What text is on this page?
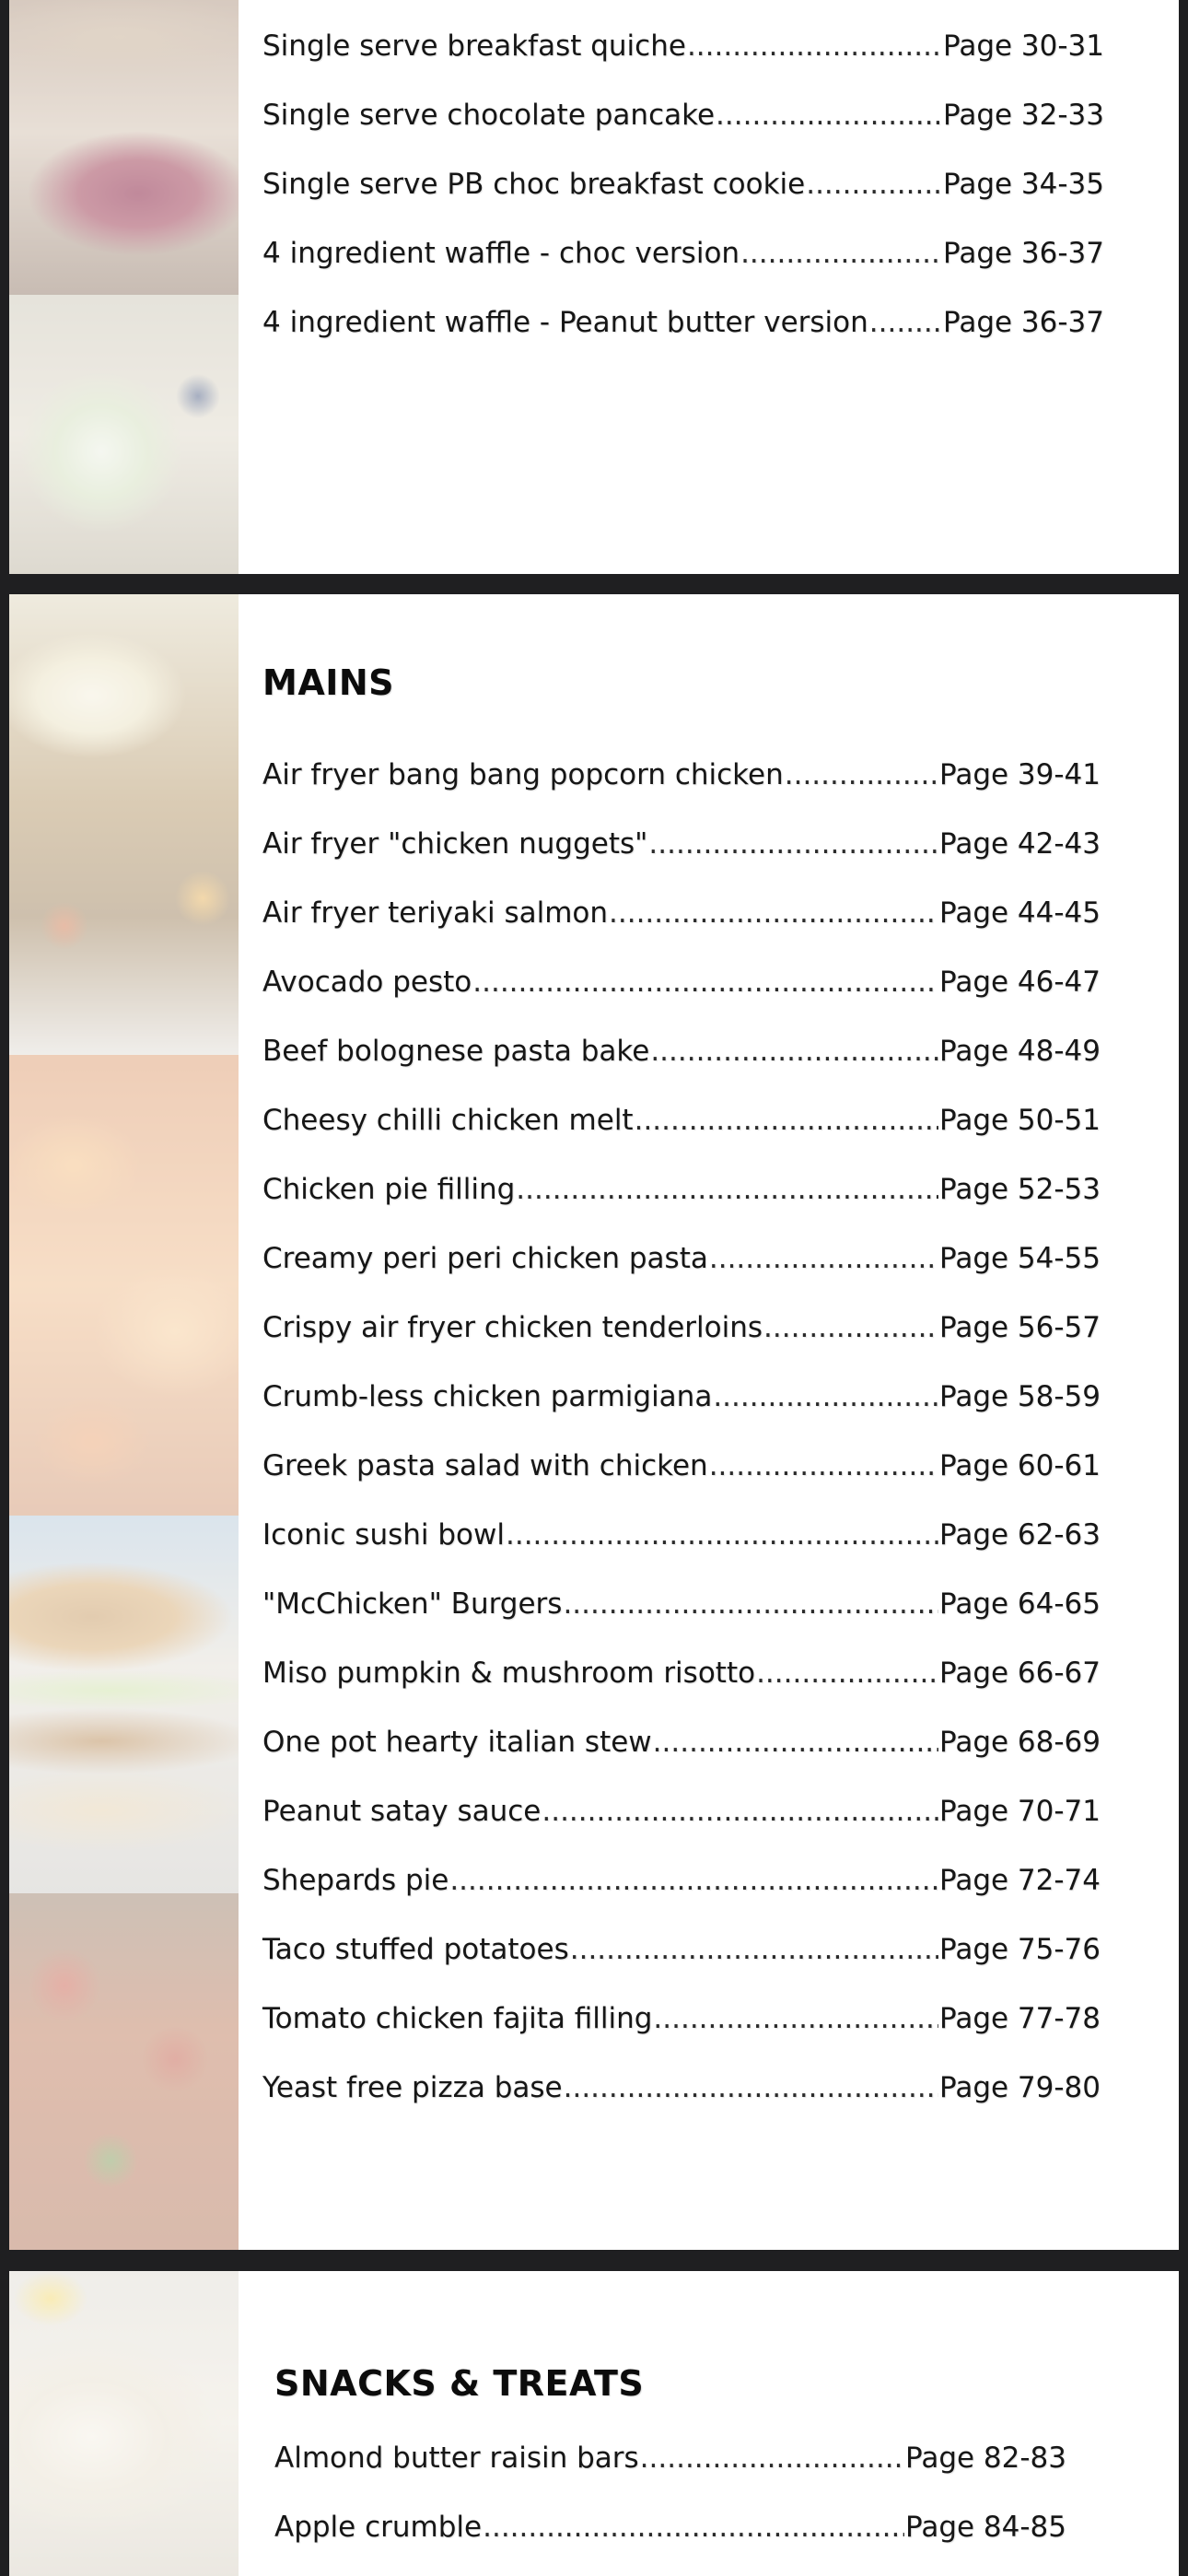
Single serve breakfast quiche .....	Page 30-31
Single serve chocolate pancake .....	Page 32-33
Single serve PB choc breakfast cookie .....	Page 34-35
4 ingredient waffle - choc version .....	Page 36-37
4 ingredient waffle - Peanut butter version .....	Page 36-37
MAINS
Air fryer bang bang popcorn chicken .....	Page 39-41
Air fryer "chicken nuggets" .....	Page 42-43
Air fryer teriyaki salmon .....	Page 44-45
Avocado pesto .....	Page 46-47
Beef bolognese pasta bake .....	Page 48-49
Cheesy chilli chicken melt .....	Page 50-51
Chicken pie filling .....	Page 52-53
Creamy peri peri chicken pasta .....	Page 54-55
Crispy air fryer chicken tenderloins .....	Page 56-57
Crumb-less chicken parmigiana .....	Page 58-59
Greek pasta salad with chicken .....	Page 60-61
Iconic sushi bowl .....	Page 62-63
"McChicken" Burgers .....	Page 64-65
Miso pumpkin & mushroom risotto .....	Page 66-67
One pot hearty italian stew .....	Page 68-69
Peanut satay sauce .....	Page 70-71
Shepards pie .....	Page 72-74
Taco stuffed potatoes .....	Page 75-76
Tomato chicken fajita filling .....	Page 77-78
Yeast free pizza base .....	Page 79-80
SNACKS & TREATS
Almond butter raisin bars .....	Page 82-83
Apple crumble .....	Page 84-85
